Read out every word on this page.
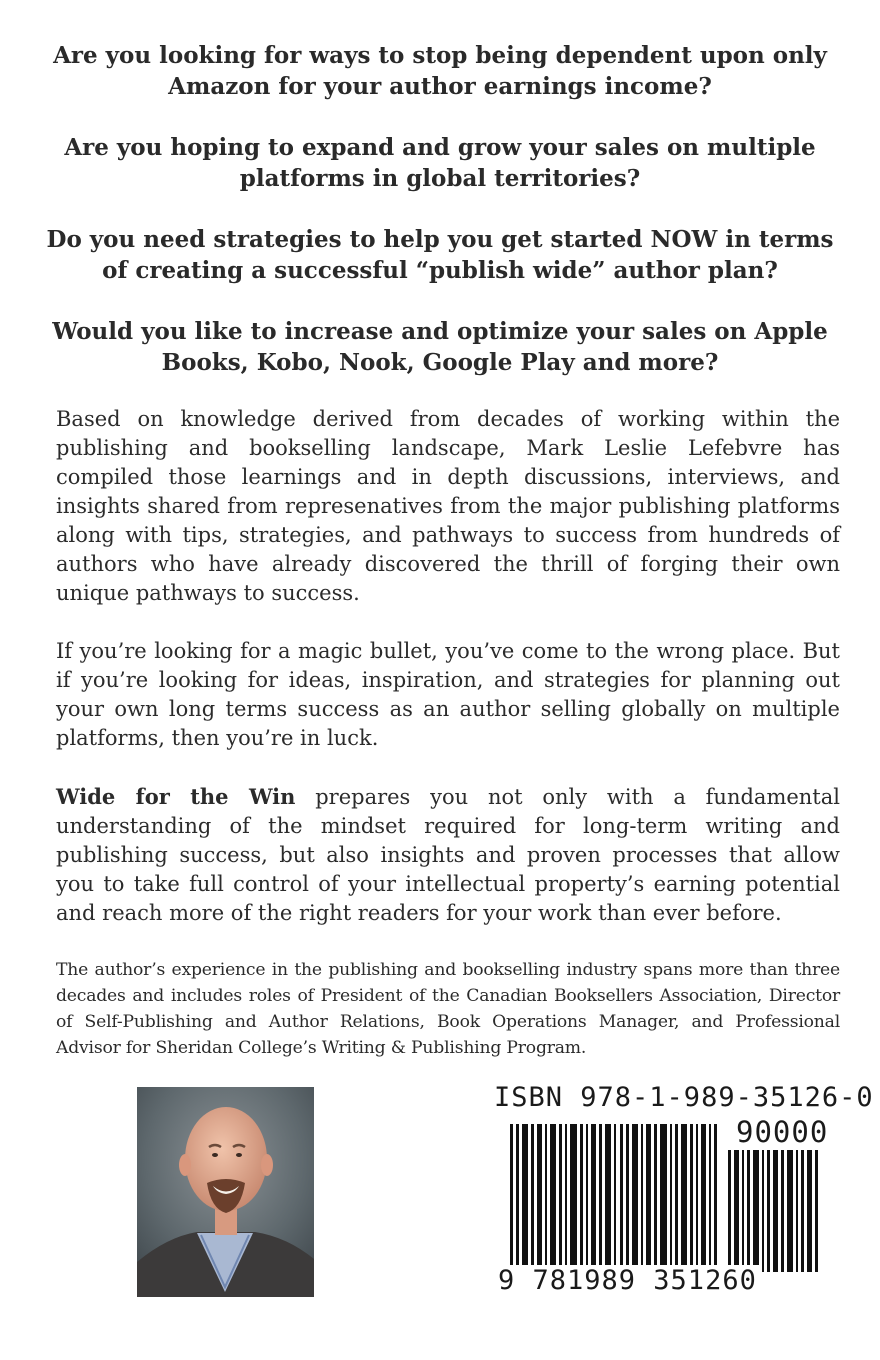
Are you looking for ways to stop being dependent upon only Amazon for your author earnings income?

Are you hoping to expand and grow your sales on multiple platforms in global territories?

Do you need strategies to help you get started NOW in terms of creating a successful “publish wide” author plan?

Would you like to increase and optimize your sales on Apple Books, Kobo, Nook, Google Play and more?

Based on knowledge derived from decades of working within the publishing and bookselling landscape, Mark Leslie Lefebvre has compiled those learnings and in depth discussions, interviews, and insights shared from represenatives from the major publishing platforms along with tips, strategies, and pathways to success from hundreds of authors who have already discovered the thrill of forging their own unique pathways to success.

If you’re looking for a magic bullet, you’ve come to the wrong place. But if you’re looking for ideas, inspiration, and strategies for planning out your own long terms success as an author selling globally on multiple platforms, then you’re in luck.

Wide for the Win prepares you not only with a fundamental understanding of the mindset required for long-term writing and publishing success, but also insights and proven processes that allow you to take full control of your intellectual property’s earning potential and reach more of the right readers for your work than ever before.

The author’s experience in the publishing and bookselling industry spans more than three decades and includes roles of President of the Canadian Booksellers Association, Director of Self-Publishing and Author Relations, Book Operations Manager, and Professional Advisor for Sheridan College’s Writing & Publishing Program.

ISBN 978-1-989-35126-0
90000
9 781989 351260
